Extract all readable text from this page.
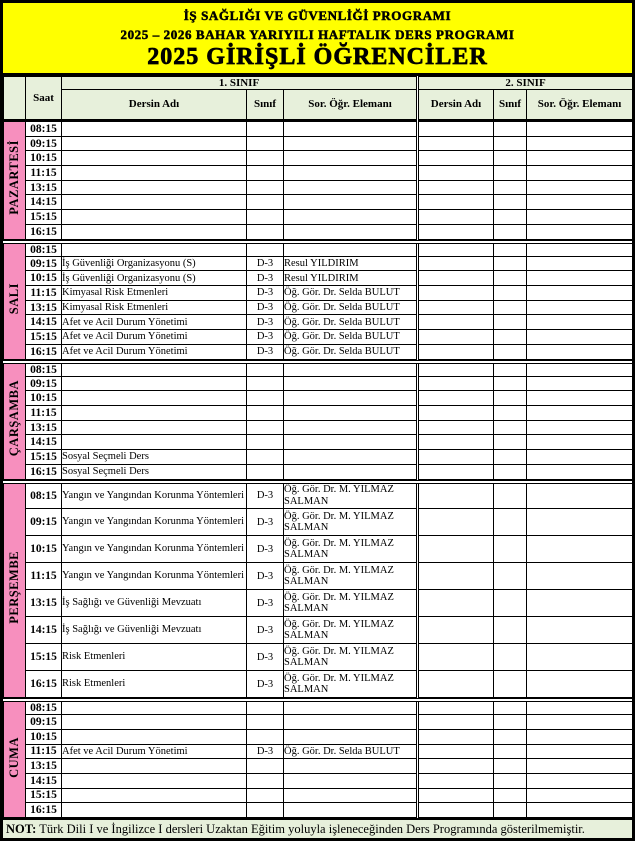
İŞ SAĞLIĞI VE GÜVENLİĞİ PROGRAMI
2025 – 2026 BAHAR YARIYILI HAFTALIK DERS PROGRAMI
2025 GİRİŞLİ ÖĞRENCİLER
	Saat	1. SINIF			2. SINIF		
		Dersin Adı	Sınıf	Sor. Öğr. Elemanı	Dersin Adı	Sınıf	Sor. Öğr. Elemanı
PAZARTESİ	08:15						
	09:15						
	10:15						
	11:15						
	13:15						
	14:15						
	15:15						
	16:15						
SALI	08:15						
	09:15	İş Güvenliği Organizasyonu (S)	D-3	Resul YILDIRIM			
	10:15	İş Güvenliği Organizasyonu (S)	D-3	Resul YILDIRIM			
	11:15	Kimyasal Risk Etmenleri	D-3	Öğ. Gör. Dr. Selda BULUT			
	13:15	Kimyasal Risk Etmenleri	D-3	Öğ. Gör. Dr. Selda BULUT			
	14:15	Afet ve Acil Durum Yönetimi	D-3	Öğ. Gör. Dr. Selda BULUT			
	15:15	Afet ve Acil Durum Yönetimi	D-3	Öğ. Gör. Dr. Selda BULUT			
	16:15	Afet ve Acil Durum Yönetimi	D-3	Öğ. Gör. Dr. Selda BULUT			
ÇARŞAMBA	08:15						
	09:15						
	10:15						
	11:15						
	13:15						
	14:15						
	15:15	Sosyal Seçmeli Ders					
	16:15	Sosyal Seçmeli Ders					
PERŞEMBE	08:15	Yangın ve Yangından Korunma Yöntemleri	D-3	Öğ. Gör. Dr. M. YILMAZ SALMAN			
	09:15	Yangın ve Yangından Korunma Yöntemleri	D-3	Öğ. Gör. Dr. M. YILMAZ SALMAN			
	10:15	Yangın ve Yangından Korunma Yöntemleri	D-3	Öğ. Gör. Dr. M. YILMAZ SALMAN			
	11:15	Yangın ve Yangından Korunma Yöntemleri	D-3	Öğ. Gör. Dr. M. YILMAZ SALMAN			
	13:15	İş Sağlığı ve Güvenliği Mevzuatı	D-3	Öğ. Gör. Dr. M. YILMAZ SALMAN			
	14:15	İş Sağlığı ve Güvenliği Mevzuatı	D-3	Öğ. Gör. Dr. M. YILMAZ SALMAN			
	15:15	Risk Etmenleri	D-3	Öğ. Gör. Dr. M. YILMAZ SALMAN			
	16:15	Risk Etmenleri	D-3	Öğ. Gör. Dr. M. YILMAZ SALMAN			
CUMA	08:15						
	09:15						
	10:15						
	11:15	Afet ve Acil Durum Yönetimi	D-3	Öğ. Gör. Dr. Selda BULUT			
	13:15						
	14:15						
	15:15						
	16:15						
NOT: Türk Dili I ve İngilizce I dersleri Uzaktan Eğitim yoluyla işleneceğinden Ders Programında gösterilmemiştir.
